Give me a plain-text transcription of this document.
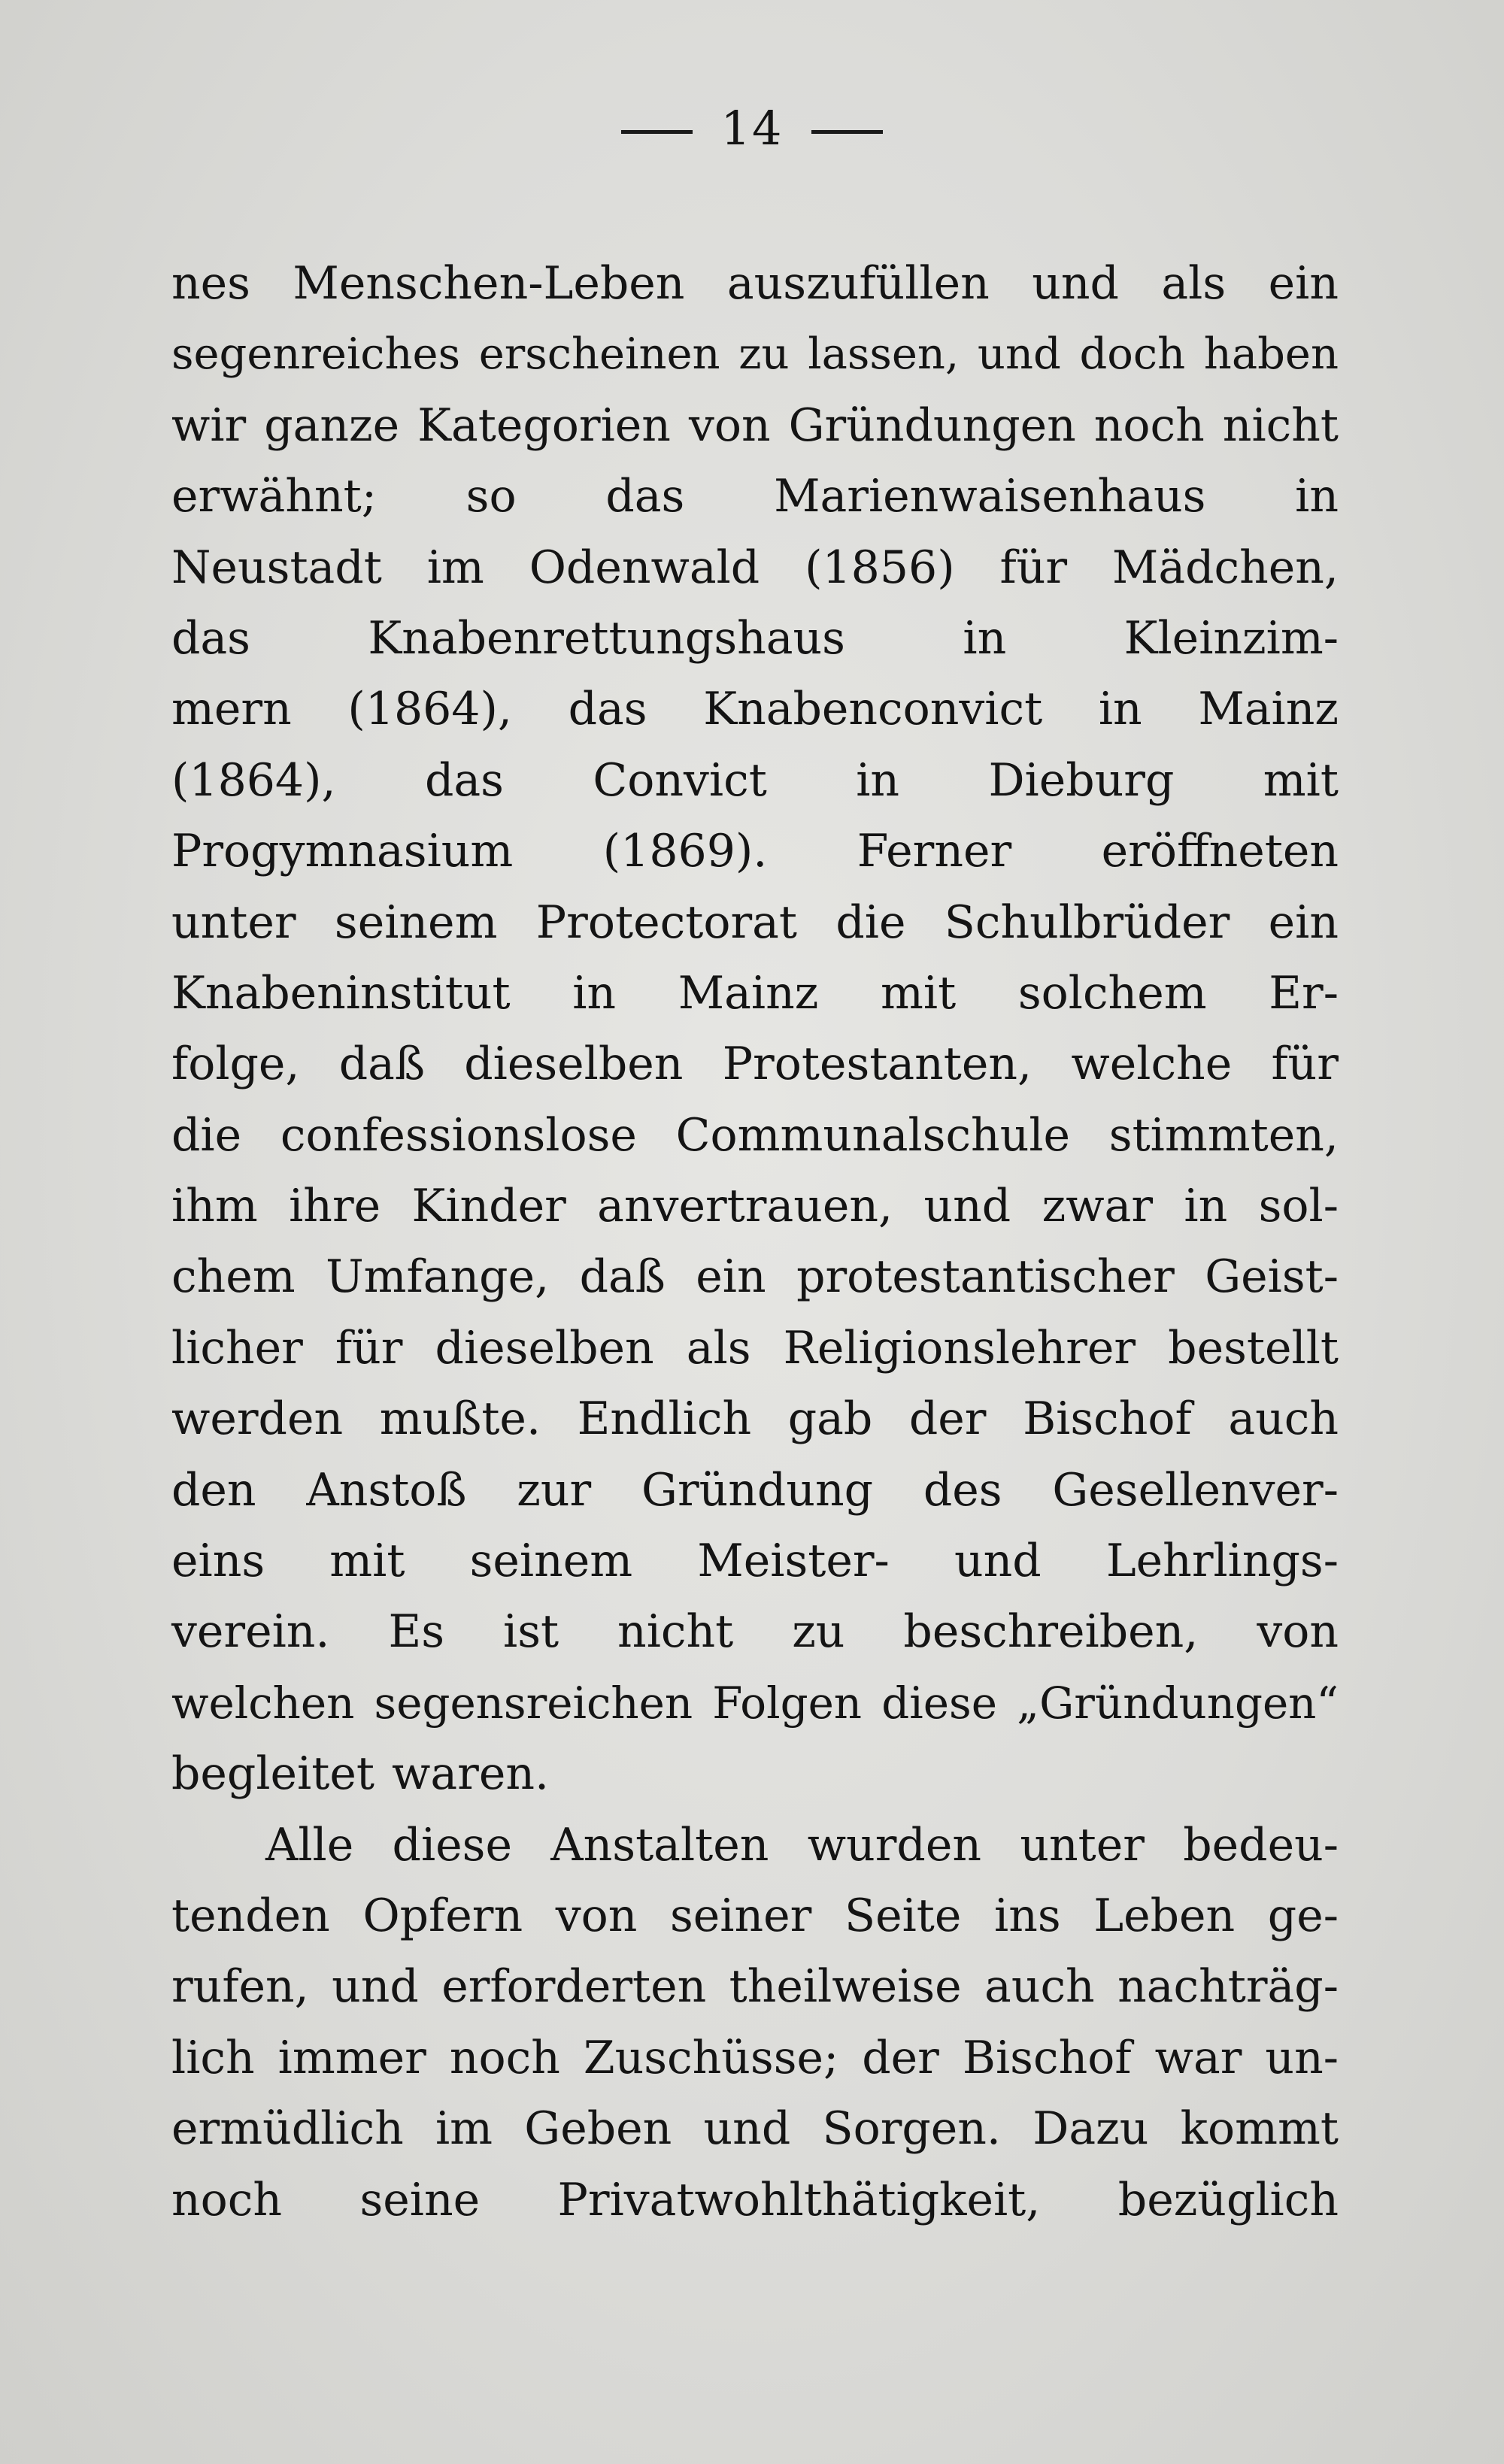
14
nes Menschen-Leben auszufüllen und als ein
segenreiches erscheinen zu lassen, und doch haben
wir ganze Kategorien von Gründungen noch nicht
erwähnt; so das Marienwaisenhaus in
Neustadt im Odenwald (1856) für Mädchen,
das Knabenrettungshaus in Kleinzim-
mern (1864), das Knabenconvict in Mainz
(1864), das Convict in Dieburg mit
Progymnasium (1869). Ferner eröffneten
unter seinem Protectorat die Schulbrüder ein
Knabeninstitut in Mainz mit solchem Er-
folge, daß dieselben Protestanten, welche für
die confessionslose Communalschule stimmten,
ihm ihre Kinder anvertrauen, und zwar in sol-
chem Umfange, daß ein protestantischer Geist-
licher für dieselben als Religionslehrer bestellt
werden mußte. Endlich gab der Bischof auch
den Anstoß zur Gründung des Gesellenver-
eins mit seinem Meister- und Lehrlings-
verein. Es ist nicht zu beschreiben, von
welchen segensreichen Folgen diese „Gründungen“
begleitet waren.
Alle diese Anstalten wurden unter bedeu-
tenden Opfern von seiner Seite ins Leben ge-
rufen, und erforderten theilweise auch nachträg-
lich immer noch Zuschüsse; der Bischof war un-
ermüdlich im Geben und Sorgen. Dazu kommt
noch seine Privatwohlthätigkeit, bezüglich
